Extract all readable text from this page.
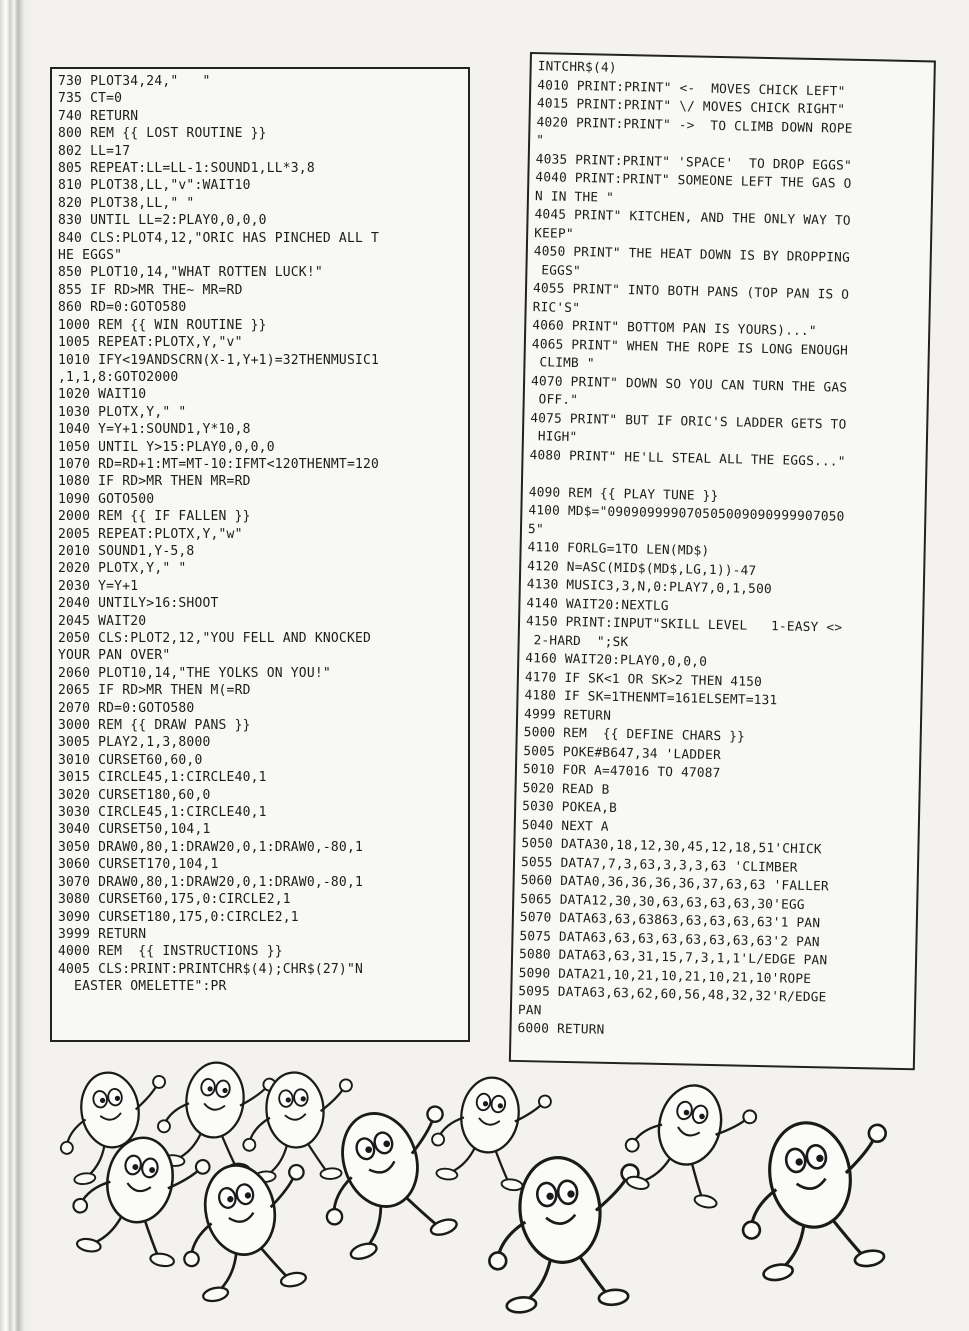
730 PLOT34,24,"   "
735 CT=0
740 RETURN
800 REM {{ LOST ROUTINE }}
802 LL=17
805 REPEAT:LL=LL-1:SOUND1,LL*3,8
810 PLOT38,LL,"v":WAIT10
820 PLOT38,LL," "
830 UNTIL LL=2:PLAY0,0,0,0
840 CLS:PLOT4,12,"ORIC HAS PINCHED ALL T
HE EGGS"
850 PLOT10,14,"WHAT ROTTEN LUCK!"
855 IF RD>MR THE~ MR=RD
860 RD=0:GOTO580
1000 REM {{ WIN ROUTINE }}
1005 REPEAT:PLOTX,Y,"v"
1010 IFY<19ANDSCRN(X-1,Y+1)=32THENMUSIC1
,1,1,8:GOTO2000
1020 WAIT10
1030 PLOTX,Y," "
1040 Y=Y+1:SOUND1,Y*10,8
1050 UNTIL Y>15:PLAY0,0,0,0
1070 RD=RD+1:MT=MT-10:IFMT<120THENMT=120
1080 IF RD>MR THEN MR=RD
1090 GOTO500
2000 REM {{ IF FALLEN }}
2005 REPEAT:PLOTX,Y,"w"
2010 SOUND1,Y-5,8
2020 PLOTX,Y," "
2030 Y=Y+1
2040 UNTILY>16:SHOOT
2045 WAIT20
2050 CLS:PLOT2,12,"YOU FELL AND KNOCKED
YOUR PAN OVER"
2060 PLOT10,14,"THE YOLKS ON YOU!"
2065 IF RD>MR THEN M(=RD
2070 RD=0:GOTO580
3000 REM {{ DRAW PANS }}
3005 PLAY2,1,3,8000
3010 CURSET60,60,0
3015 CIRCLE45,1:CIRCLE40,1
3020 CURSET180,60,0
3030 CIRCLE45,1:CIRCLE40,1
3040 CURSET50,104,1
3050 DRAW0,80,1:DRAW20,0,1:DRAW0,-80,1
3060 CURSET170,104,1
3070 DRAW0,80,1:DRAW20,0,1:DRAW0,-80,1
3080 CURSET60,175,0:CIRCLE2,1
3090 CURSET180,175,0:CIRCLE2,1
3999 RETURN
4000 REM  {{ INSTRUCTIONS }}
4005 CLS:PRINT:PRINTCHR$(4);CHR$(27)"N
EASTER OMELETTE":PR
INTCHR$(4)
4010 PRINT:PRINT" <-  MOVES CHICK LEFT"
4015 PRINT:PRINT" \/ MOVES CHICK RIGHT"
4020 PRINT:PRINT" ->  TO CLIMB DOWN ROPE
"
4035 PRINT:PRINT" 'SPACE'  TO DROP EGGS"
4040 PRINT:PRINT" SOMEONE LEFT THE GAS O
N IN THE "
4045 PRINT" KITCHEN, AND THE ONLY WAY TO
KEEP"
4050 PRINT" THE HEAT DOWN IS BY DROPPING
EGGS"
4055 PRINT" INTO BOTH PANS (TOP PAN IS O
RIC'S"
4060 PRINT" BOTTOM PAN IS YOURS)..."
4065 PRINT" WHEN THE ROPE IS LONG ENOUGH
CLIMB "
4070 PRINT" DOWN SO YOU CAN TURN THE GAS
OFF."
4075 PRINT" BUT IF ORIC'S LADDER GETS TO
HIGH"
4080 PRINT" HE'LL STEAL ALL THE EGGS..."

4090 REM {{ PLAY TUNE }}
4100 MD$="090909999070505009090999907050
5"
4110 FORLG=1TO LEN(MD$)
4120 N=ASC(MID$(MD$,LG,1))-47
4130 MUSIC3,3,N,0:PLAY7,0,1,500
4140 WAIT20:NEXTLG
4150 PRINT:INPUT"SKILL LEVEL   1-EASY <>
2-HARD  ";SK
4160 WAIT20:PLAY0,0,0,0
4170 IF SK<1 OR SK>2 THEN 4150
4180 IF SK=1THENMT=161ELSEMT=131
4999 RETURN
5000 REM  {{ DEFINE CHARS }}
5005 POKE#B647,34 'LADDER
5010 FOR A=47016 TO 47087
5020 READ B
5030 POKEA,B
5040 NEXT A
5050 DATA30,18,12,30,45,12,18,51'CHICK
5055 DATA7,7,3,63,3,3,3,63 'CLIMBER
5060 DATA0,36,36,36,36,37,63,63 'FALLER
5065 DATA12,30,30,63,63,63,63,30'EGG
5070 DATA63,63,63863,63,63,63,63'1 PAN
5075 DATA63,63,63,63,63,63,63,63'2 PAN
5080 DATA63,63,31,15,7,3,1,1'L/EDGE PAN
5090 DATA21,10,21,10,21,10,21,10'ROPE
5095 DATA63,63,62,60,56,48,32,32'R/EDGE
PAN
6000 RETURN
